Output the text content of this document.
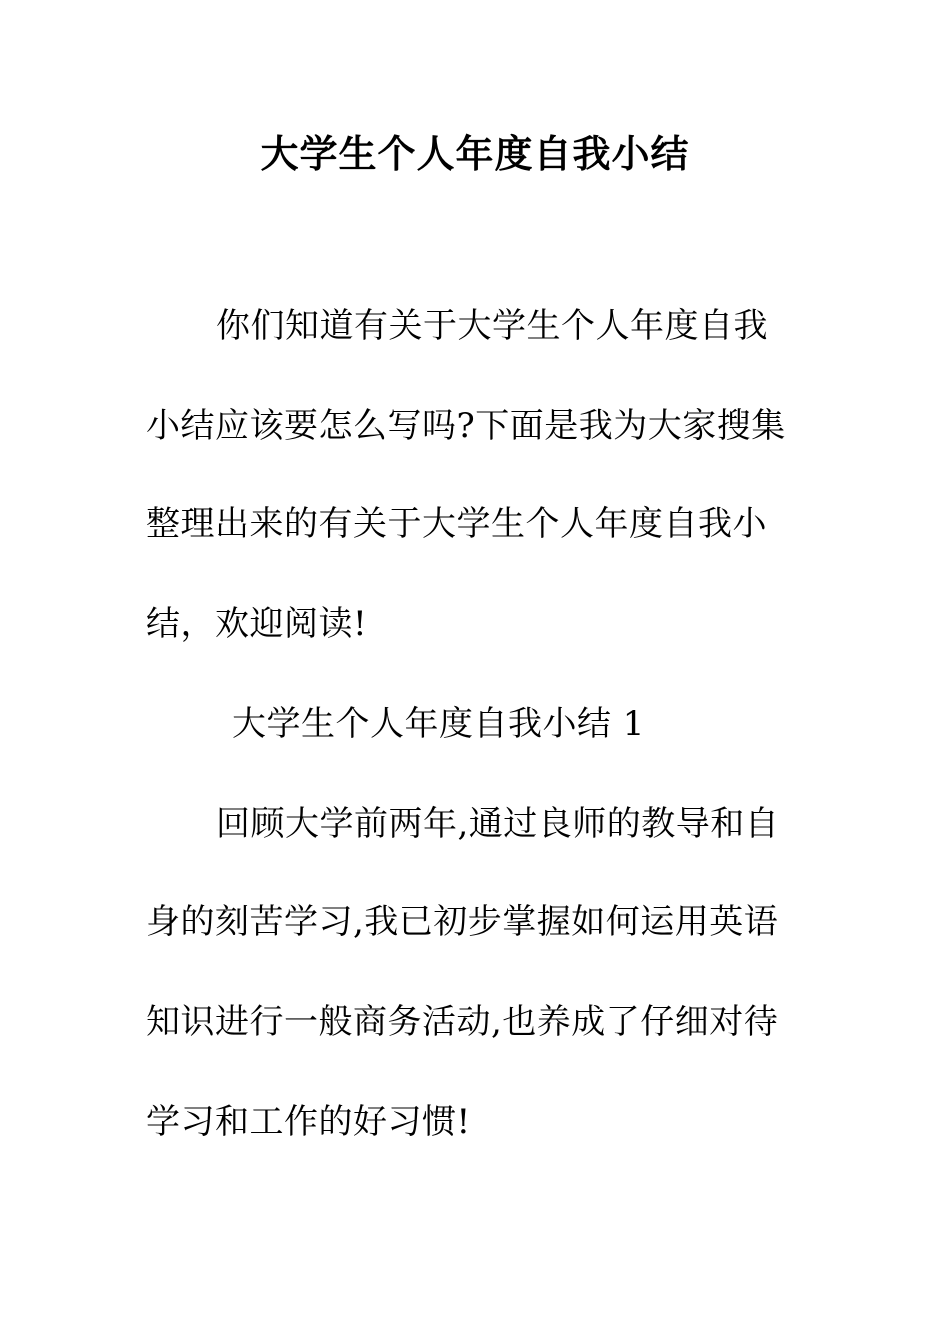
大学生个人年度自我小结
你们知道有关于大学生个人年度自我
小结应该要怎么写吗?下面是我为大家搜集
整理出来的有关于大学生个人年度自我小
结，欢迎阅读!
大学生个人年度自我小结 1
回顾大学前两年,通过良师的教导和自
身的刻苦学习,我已初步掌握如何运用英语
知识进行一般商务活动,也养成了仔细对待
学习和工作的好习惯!
